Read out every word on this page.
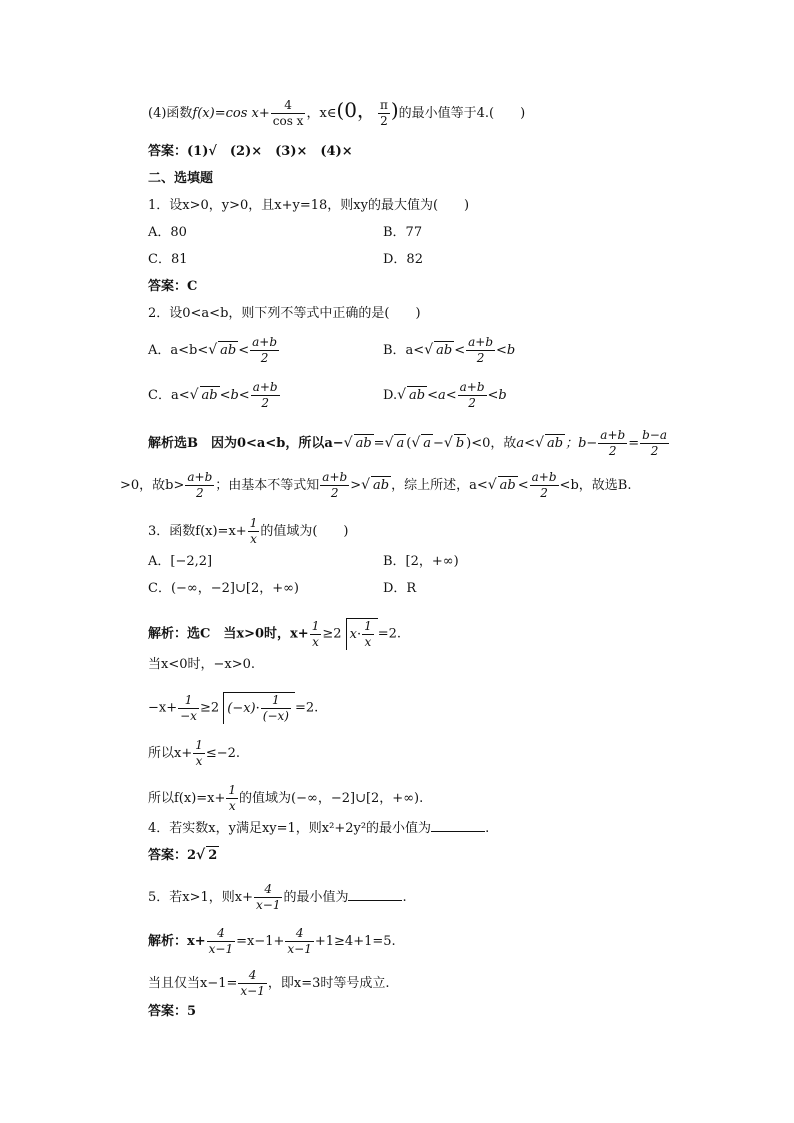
(4)函数f(x)=cos $x+ \frac{4}{\text{cos x}}$ ，x∈(0， $\frac{\pi}{2}$ )的最小值等于4.(　　)
答案：(1)√　(2)×　(3)×　(4)×
二、选填题
1．设x>0，y>0，且x+y=18，则xy的最大值为(　　)
A．80	B．77
C．81	D．82
答案：C
2．设0<a<b，则下列不等式中正确的是(　　)
A．a<b<√ ab < $\frac{a+b}{2}$	B．a<√ ab < $\frac{a+b}{2} <b$
C．a<√ ab $<b< \frac{a+b}{2}$	D.√ ab $<a< \frac{a+b}{2} <b$
解析选B　因为0<a<b，所以a−√ ab =√ a (√ a −√ b )<0，故a<√ ab ；$b- \frac{a+b}{2} = \frac{b-a}{2}$
>0，故$b> \frac{a+b}{2}$ ；由基本不等式知 $\frac{a+b}{2}$ >√ ab ，综上所述，a<√ ab < $\frac{a+b}{2} <b$，故选B.
3．函数$f(x)=x+ \frac{1}{x}$ 的值域为(　　)
A．[−2,2]	B．[2，+∞)
C．(−∞，−2]∪[2，+∞)	D．R
解析：选C　当x>0时，$x+ \frac{1}{x} \ge 2$ $x\cdot \frac{1}{x} =2$.
当x<0时，−x>0.
$-x+ \frac{1}{-x} \ge 2$ $(-x)\cdot \frac{1}{(-x)} =2$.
所以$x+ \frac{1}{x} \le-2$.
所以$f(x)=x+ \frac{1}{x}$ 的值域为(−∞，−2]∪[2，+∞).
4．若实数x，y满足xy=1，则x²+2y²的最小值为	.
答案：2√ 2
5．若x>1，则$x+ \frac{4}{x-1}$ 的最小值为	.
解析：$x+ \frac{4}{x-1} =x-1+ \frac{4}{x-1} +1\ge 4+1=5$.
当且仅当$x-1= \frac{4}{x-1}$ ，即x=3时等号成立.
答案：5
